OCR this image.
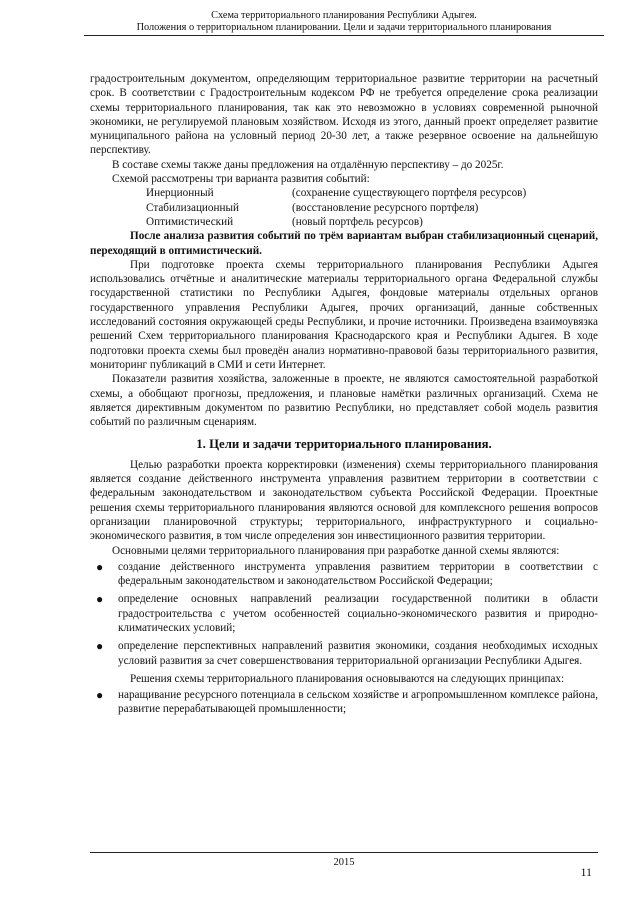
Схема территориального планирования Республики Адыгея.
Положения о территориальном планировании. Цели и задачи территориального планирования

градостроительным документом, определяющим территориальное развитие территории на расчетный срок. В соответствии с Градостроительным кодексом РФ не требуется определение срока реализации схемы территориального планирования, так как это невозможно в условиях современной рыночной экономики, не регулируемой плановым хозяйством. Исходя из этого, данный проект определяет развитие муниципального района на условный период 20-30 лет, а также резервное освоение на дальнейшую перспективу.

В составе схемы также даны предложения на отдалённую перспективу – до 2025г.

Схемой рассмотрены три варианта развития событий:

Инерционный	(сохранение существующего портфеля ресурсов)
Стабилизационный	(восстановление ресурсного портфеля)
Оптимистический	(новый портфель ресурсов)

После анализа развития событий по трём вариантам выбран стабилизационный сценарий, переходящий в оптимистический.

При подготовке проекта схемы территориального планирования Республики Адыгея использовались отчётные и аналитические материалы территориального органа Федеральной службы государственной статистики по Республики Адыгея, фондовые материалы отдельных органов государственного управления Республики Адыгея, прочих организаций, данные собственных исследований состояния окружающей среды Республики, и прочие источники. Произведена взаимоувязка решений Схем территориального планирования Краснодарского края и Республики Адыгея. В ходе подготовки проекта схемы был проведён анализ нормативно-правовой базы территориального развития, мониторинг публикаций в СМИ и сети Интернет.

Показатели развития хозяйства, заложенные в проекте, не являются самостоятельной разработкой схемы, а обобщают прогнозы, предложения, и плановые намётки различных организаций. Схема не является директивным документом по развитию Республики, но представляет собой модель развития событий по различным сценариям.

1. Цели и задачи территориального планирования.

Целью разработки проекта корректировки (изменения) схемы территориального планирования является создание действенного инструмента управления развитием территории в соответствии с федеральным законодательством и законодательством субъекта Российской Федерации. Проектные решения схемы территориального планирования являются основой для комплексного решения вопросов организации планировочной структуры; территориального, инфраструктурного и социально-экономического развития, в том числе определения зон инвестиционного развития территории.

Основными целями территориального планирования при разработке данной схемы являются:

● создание действенного инструмента управления развитием территории в соответствии с федеральным законодательством и законодательством Российской Федерации;
● определение основных направлений реализации государственной политики в области градостроительства с учетом особенностей социально-экономического развития и природно-климатических условий;
● определение перспективных направлений развития экономики, создания необходимых исходных условий развития за счет совершенствования территориальной организации Республики Адыгея.

Решения схемы территориального планирования основываются на следующих принципах:

● наращивание ресурсного потенциала в сельском хозяйстве и агропромышленном комплексе района, развитие перерабатывающей промышленности;
2015
11
